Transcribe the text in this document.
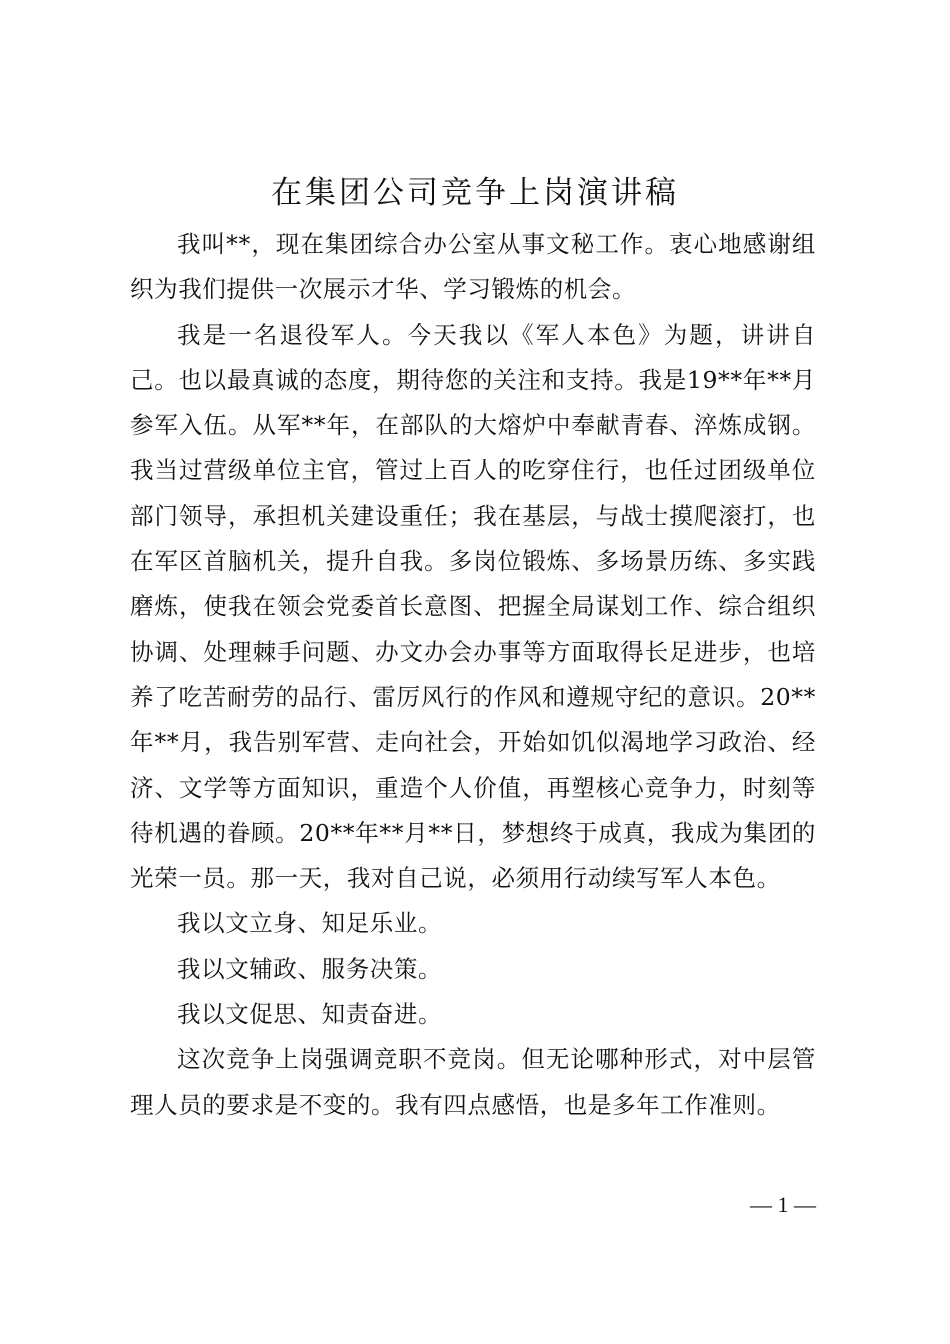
在集团公司竞争上岗演讲稿

我叫**，现在集团综合办公室从事文秘工作。衷心地感谢组织为我们提供一次展示才华、学习锻炼的机会。

我是一名退役军人。今天我以《军人本色》为题，讲讲自己。也以最真诚的态度，期待您的关注和支持。我是19**年**月参军入伍。从军**年，在部队的大熔炉中奉献青春、淬炼成钢。我当过营级单位主官，管过上百人的吃穿住行，也任过团级单位部门领导，承担机关建设重任；我在基层，与战士摸爬滚打，也在军区首脑机关，提升自我。多岗位锻炼、多场景历练、多实践磨炼，使我在领会党委首长意图、把握全局谋划工作、综合组织协调、处理棘手问题、办文办会办事等方面取得长足进步，也培养了吃苦耐劳的品行、雷厉风行的作风和遵规守纪的意识。20**年**月，我告别军营、走向社会，开始如饥似渴地学习政治、经济、文学等方面知识，重造个人价值，再塑核心竞争力，时刻等待机遇的眷顾。20**年**月**日，梦想终于成真，我成为集团的光荣一员。那一天，我对自己说，必须用行动续写军人本色。

我以文立身、知足乐业。

我以文辅政、服务决策。

我以文促思、知责奋进。

这次竞争上岗强调竞职不竞岗。但无论哪种形式，对中层管理人员的要求是不变的。我有四点感悟，也是多年工作准则。

— 1 —
